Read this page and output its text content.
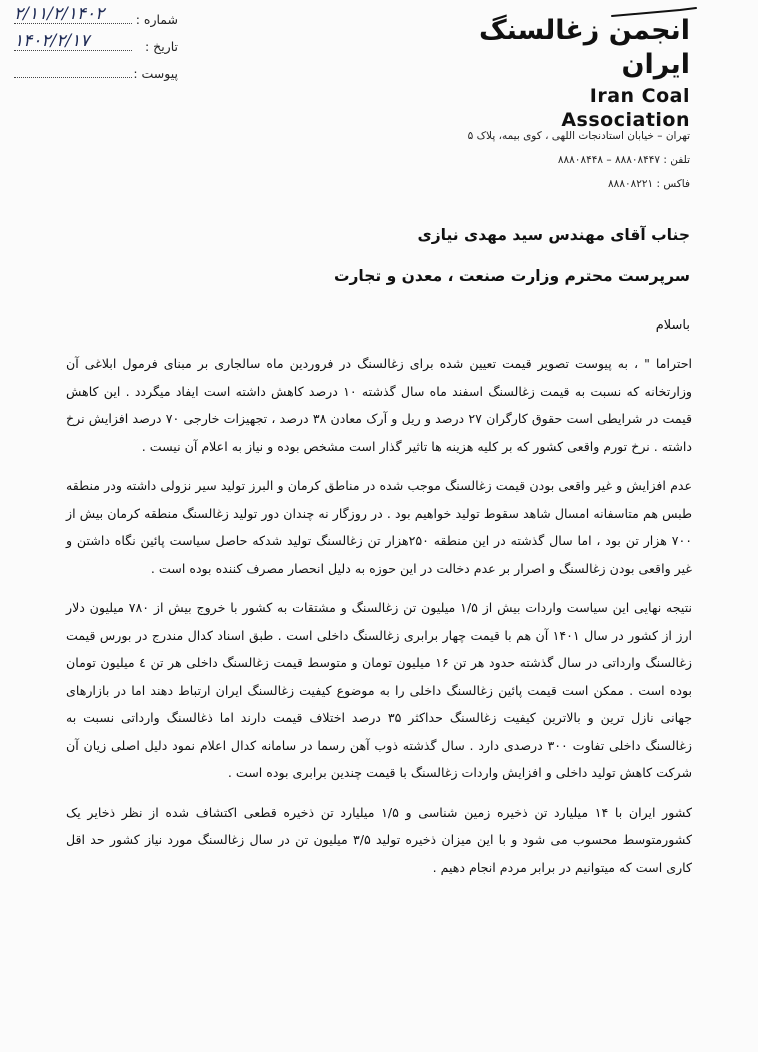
انجمن زغالسنگ ایران
Iran Coal Association
شماره :
۲/۱۱/۲/۱۴۰۲
تاریخ :
۱۴۰۲/۲/۱۷
پیوست :
تهران – خیابان استادنجات اللهی ، کوی بیمه، پلاک ۵
تلفن : ۸۸۸۰۸۴۴۷ – ۸۸۸۰۸۴۴۸
فاکس : ۸۸۸۰۸۲۲۱
جناب آقای مهندس سید مهدی نیازی
سرپرست محترم وزارت صنعت ، معدن و تجارت
باسلام

احتراما " ، به پیوست تصویر قیمت تعیین شده برای زغالسنگ در فروردین ماه سالجاری بر مبنای فرمول ابلاغی آن وزارتخانه که نسبت به قیمت زغالسنگ اسفند ماه سال گذشته ۱۰ درصد کاهش داشته است ایفاد میگردد . این کاهش قیمت در شرایطی است حقوق کارگران ۲۷ درصد و ریل و آرک معادن ۳۸ درصد ، تجهیزات خارجی ۷۰ درصد افزایش نرخ داشته . نرخ تورم واقعی کشور که بر کلیه هزینه ها تاثیر گذار است مشخص بوده و نیاز به اعلام آن نیست .

عدم افزایش و غیر واقعی بودن قیمت زغالسنگ موجب شده در مناطق کرمان و البرز تولید سیر نزولی داشته ودر منطقه طبس هم متاسفانه امسال شاهد سقوط تولید خواهیم بود . در روزگار نه چندان دور تولید زغالسنگ منطقه کرمان بیش از ۷۰۰ هزار تن بود ، اما سال گذشته در این منطقه ۲۵۰هزار تن زغالسنگ تولید شدکه حاصل سیاست پائین نگاه داشتن و غیر واقعی بودن زغالسنگ و اصرار بر عدم دخالت در این حوزه به دلیل انحصار مصرف کننده بوده است .

نتیجه نهایی این سیاست واردات بیش از ۱/۵ میلیون تن زغالسنگ و مشتقات به کشور با خروج بیش از ۷۸۰ میلیون دلار ارز از کشور در سال ۱۴۰۱ آن هم با قیمت چهار برابری زغالسنگ داخلی است . طبق اسناد کدال مندرج در بورس قیمت زغالسنگ وارداتی در سال گذشته حدود هر تن ۱۶ میلیون تومان و متوسط قیمت زغالسنگ داخلی هر تن ٤ میلیون تومان بوده است . ممکن است قیمت پائین زغالسنگ داخلی را به موضوع کیفیت زغالسنگ ایران ارتباط دهند اما در بازارهای جهانی نازل ترین و بالاترین کیفیت زغالسنگ حداکثر ۳۵ درصد اختلاف قیمت دارند اما ذغالسنگ وارداتی نسبت به زغالسنگ داخلی تفاوت ۳۰۰ درصدی دارد . سال گذشته ذوب آهن رسما در سامانه کدال اعلام نمود دلیل اصلی زیان آن شرکت کاهش تولید داخلی و افزایش واردات زغالسنگ با قیمت چندین برابری بوده است .

کشور ایران با ۱۴ میلیارد تن ذخیره زمین شناسی و ۱/۵ میلیارد تن ذخیره قطعی اکتشاف شده از نظر ذخایر یک کشورمتوسط محسوب می شود و با این میزان ذخیره تولید ۳/۵ میلیون تن در سال زغالسنگ مورد نیاز کشور حد اقل کاری است که میتوانیم در برابر مردم انجام دهیم .
